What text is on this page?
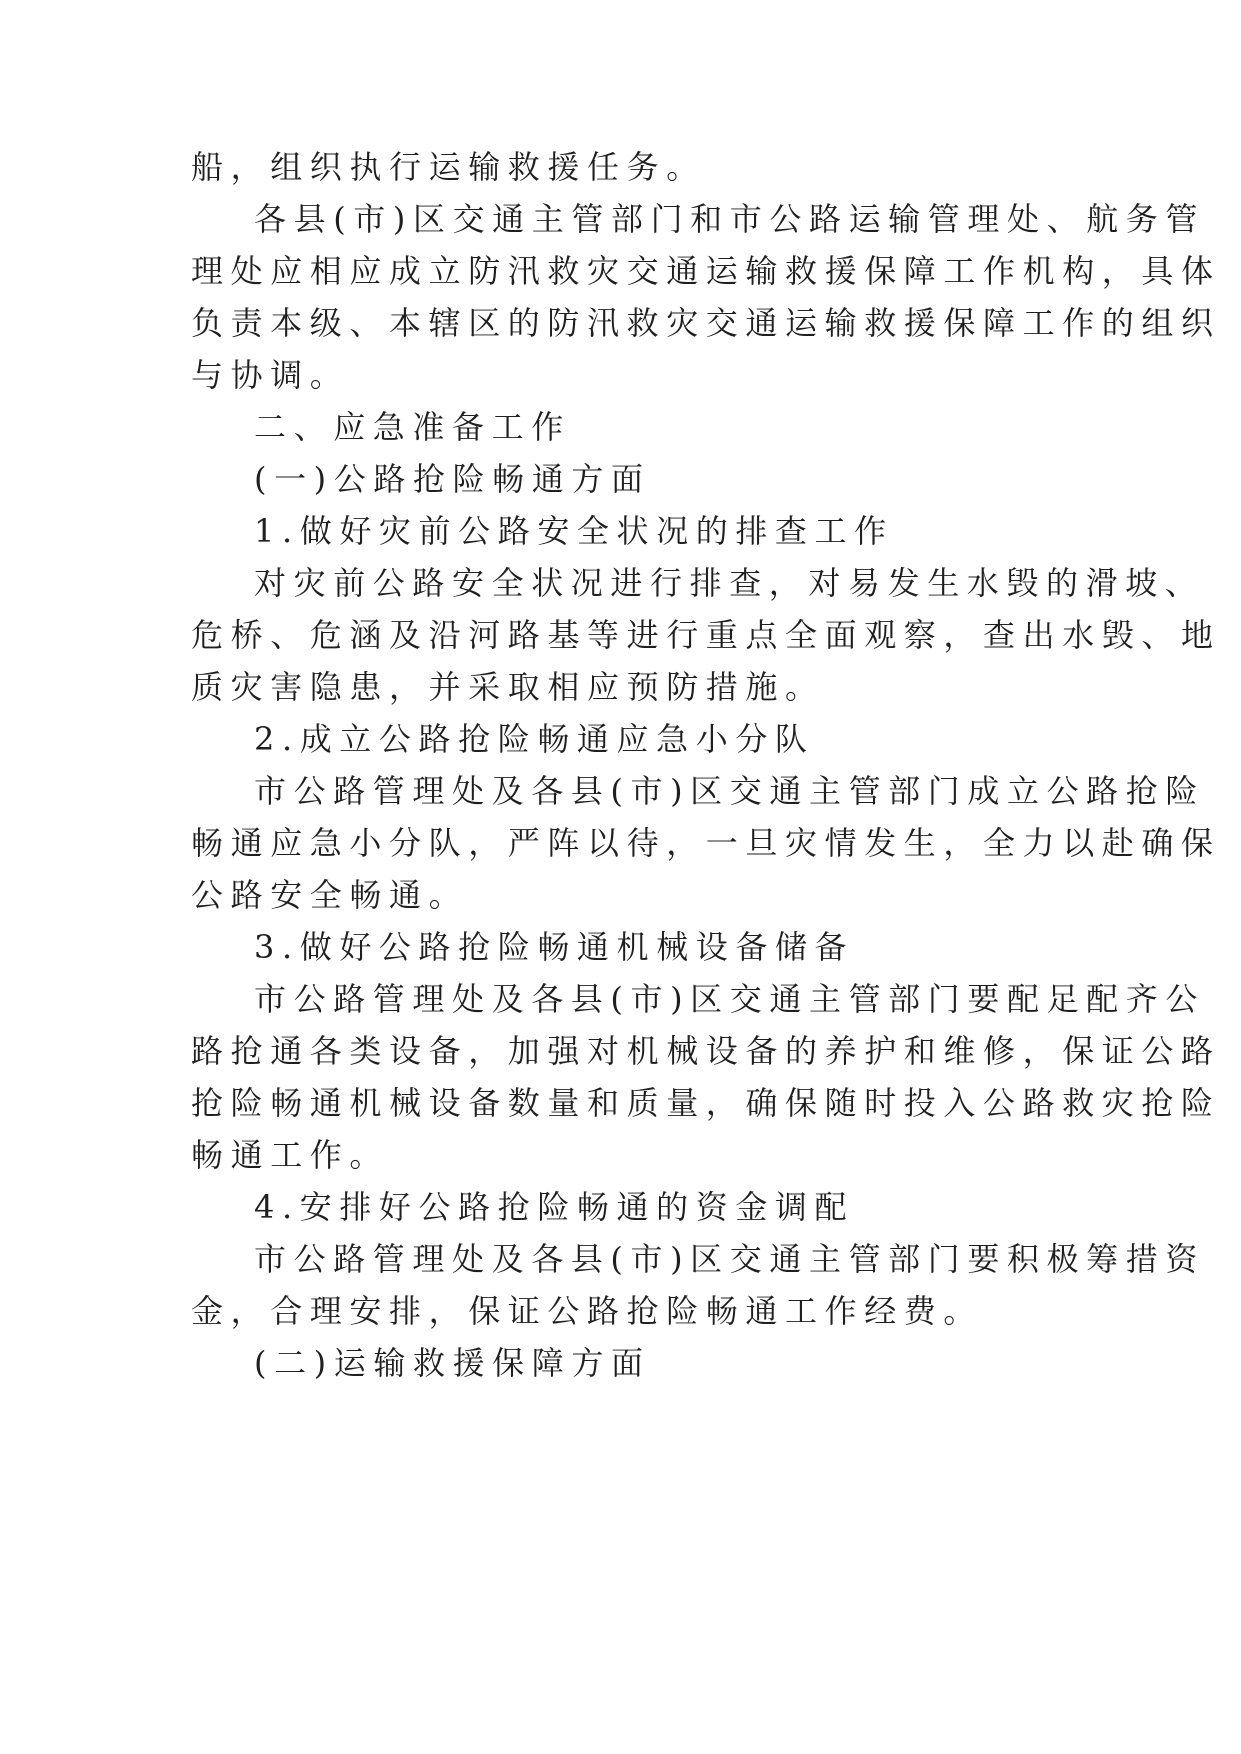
船，组织执行运输救援任务。
各县(市)区交通主管部门和市公路运输管理处、航务管
理处应相应成立防汛救灾交通运输救援保障工作机构，具体
负责本级、本辖区的防汛救灾交通运输救援保障工作的组织
与协调。
二、应急准备工作
(一)公路抢险畅通方面
1.做好灾前公路安全状况的排查工作
对灾前公路安全状况进行排查，对易发生水毁的滑坡、
危桥、危涵及沿河路基等进行重点全面观察，查出水毁、地
质灾害隐患，并采取相应预防措施。
2.成立公路抢险畅通应急小分队
市公路管理处及各县(市)区交通主管部门成立公路抢险
畅通应急小分队，严阵以待，一旦灾情发生，全力以赴确保
公路安全畅通。
3.做好公路抢险畅通机械设备储备
市公路管理处及各县(市)区交通主管部门要配足配齐公
路抢通各类设备，加强对机械设备的养护和维修，保证公路
抢险畅通机械设备数量和质量，确保随时投入公路救灾抢险
畅通工作。
4.安排好公路抢险畅通的资金调配
市公路管理处及各县(市)区交通主管部门要积极筹措资
金，合理安排，保证公路抢险畅通工作经费。
(二)运输救援保障方面
